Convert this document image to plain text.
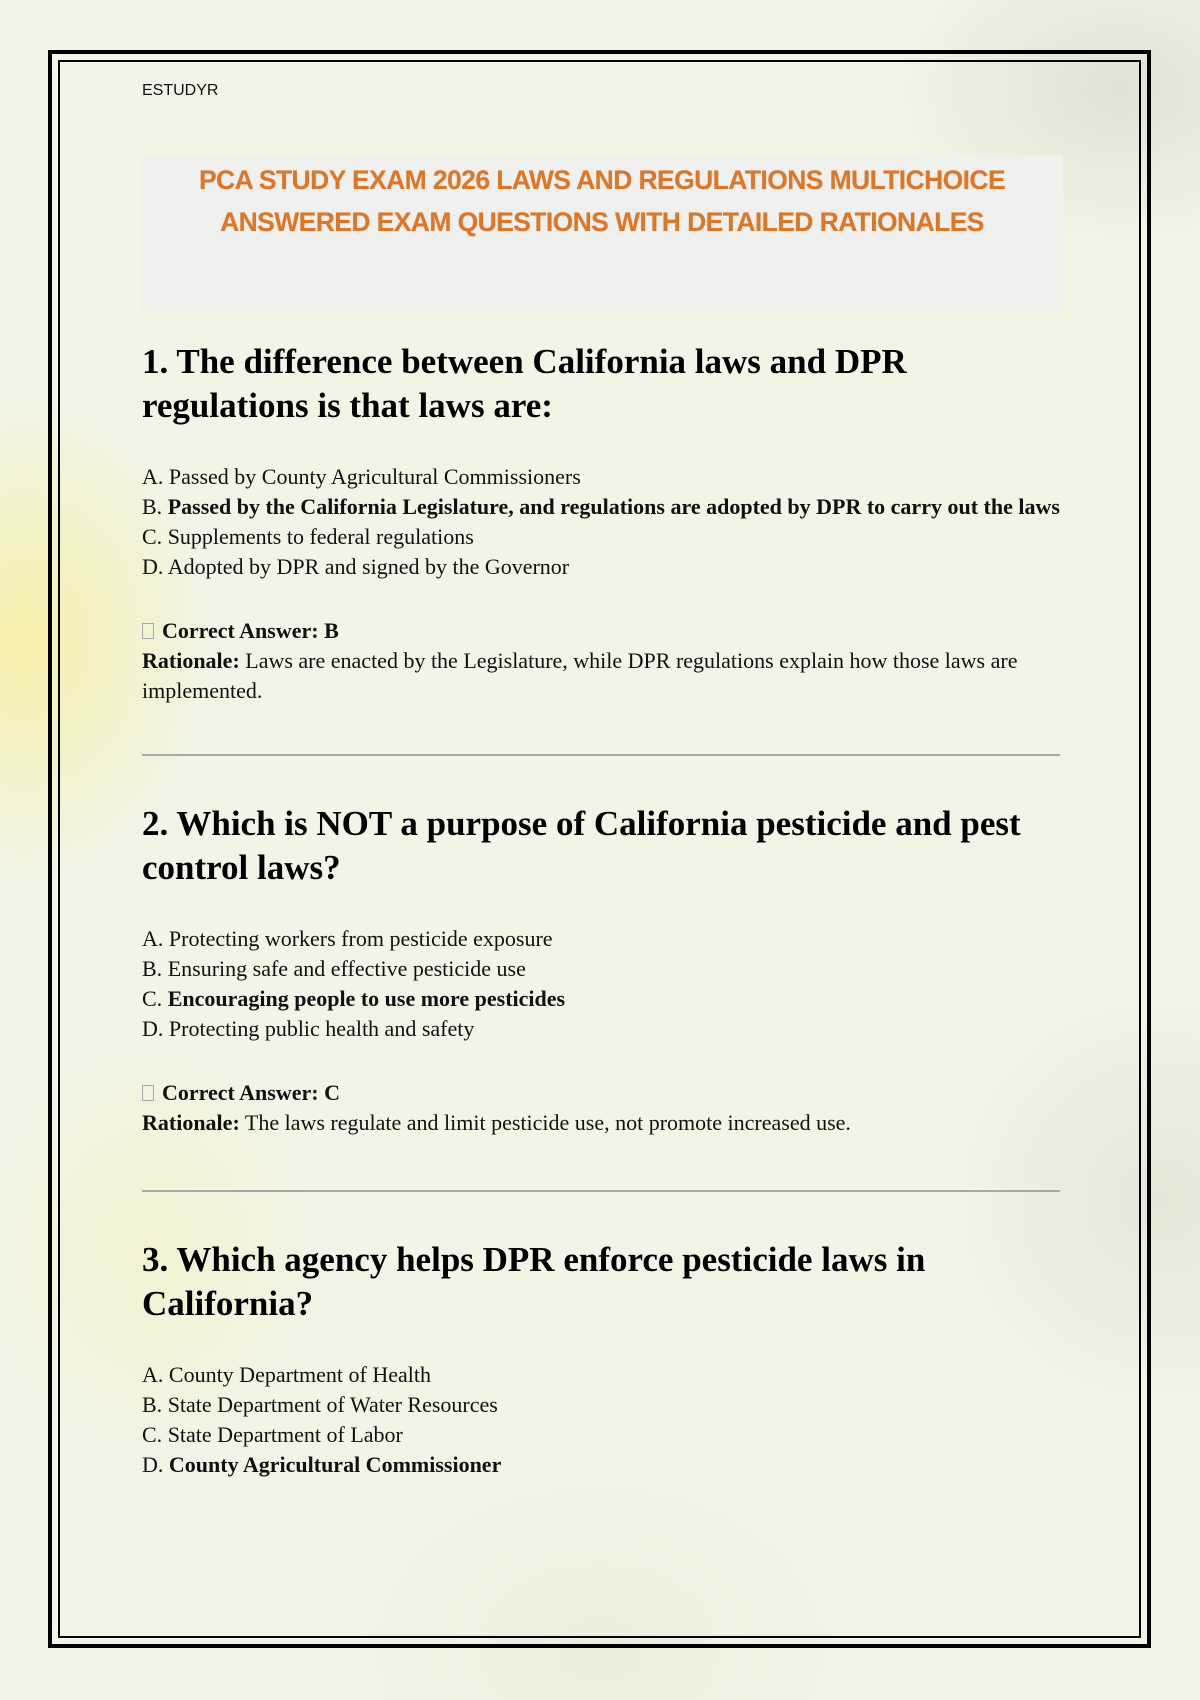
ESTUDYR

PCA STUDY EXAM 2026 LAWS AND REGULATIONS MULTICHOICE
ANSWERED EXAM QUESTIONS WITH DETAILED RATIONALES

1. The difference between California laws and DPR regulations is that laws are:
A. Passed by County Agricultural Commissioners
B. Passed by the California Legislature, and regulations are adopted by DPR to carry out the laws
C. Supplements to federal regulations
D. Adopted by DPR and signed by the Governor
Correct Answer: B
Rationale: Laws are enacted by the Legislature, while DPR regulations explain how those laws are implemented.
2. Which is NOT a purpose of California pesticide and pest control laws?
A. Protecting workers from pesticide exposure
B. Ensuring safe and effective pesticide use
C. Encouraging people to use more pesticides
D. Protecting public health and safety
Correct Answer: C
Rationale: The laws regulate and limit pesticide use, not promote increased use.
3. Which agency helps DPR enforce pesticide laws in California?
A. County Department of Health
B. State Department of Water Resources
C. State Department of Labor
D. County Agricultural Commissioner
